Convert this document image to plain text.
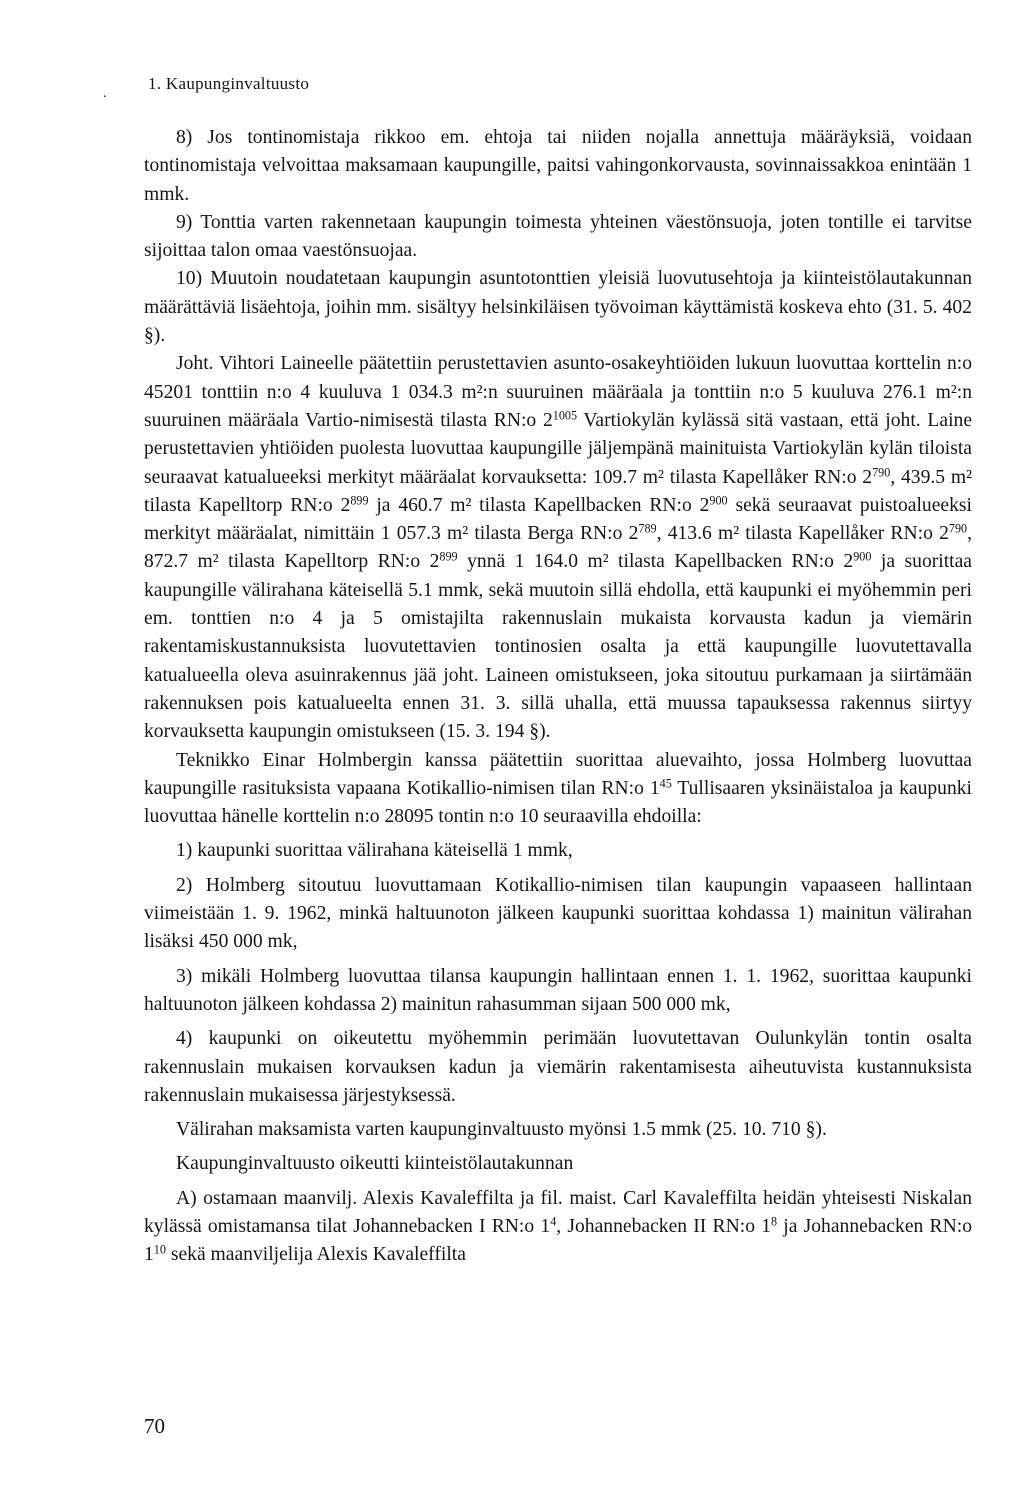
.
1. Kaupunginvaltuusto

8) Jos tontinomistaja rikkoo em. ehtoja tai niiden nojalla annettuja määräyksiä, voidaan tontinomistaja velvoittaa maksamaan kaupungille, paitsi vahingonkorvausta, sovinnaissakkoa enintään 1 mmk.

9) Tonttia varten rakennetaan kaupungin toimesta yhteinen väestönsuoja, joten tontille ei tarvitse sijoittaa talon omaa vaestönsuojaa.

10) Muutoin noudatetaan kaupungin asuntotonttien yleisiä luovutusehtoja ja kiinteistölautakunnan määrättäviä lisäehtoja, joihin mm. sisältyy helsinkiläisen työvoiman käyttämistä koskeva ehto (31. 5. 402 §).

Joht. Vihtori Laineelle päätettiin perustettavien asunto-osakeyhtiöiden lukuun luovuttaa korttelin n:o 45201 tonttiin n:o 4 kuuluva 1 034.3 m²:n suuruinen määräala ja tonttiin n:o 5 kuuluva 276.1 m²:n suuruinen määräala Vartio-nimisestä tilasta RN:o $2^{1005}$ Vartiokylän kylässä sitä vastaan, että joht. Laine perustettavien yhtiöiden puolesta luovuttaa kaupungille jäljempänä mainituista Vartiokylän kylän tiloista seuraavat katualueeksi merkityt määräalat korvauksetta: 109.7 m² tilasta Kapellåker RN:o $2^{790}$, 439.5 m² tilasta Kapelltorp RN:o $2^{899}$ ja 460.7 m² tilasta Kapellbacken RN:o $2^{900}$ sekä seuraavat puistoalueeksi merkityt määräalat, nimittäin 1 057.3 m² tilasta Berga RN:o $2^{789}$, 413.6 m² tilasta Kapellåker RN:o $2^{790}$, 872.7 m² tilasta Kapelltorp RN:o $2^{899}$ ynnä 1 164.0 m² tilasta Kapellbacken RN:o $2^{900}$ ja suorittaa kaupungille välirahana käteisellä 5.1 mmk, sekä muutoin sillä ehdolla, että kaupunki ei myöhemmin peri em. tonttien n:o 4 ja 5 omistajilta rakennuslain mukaista korvausta kadun ja viemärin rakentamiskustannuksista luovutettavien tontinosien osalta ja että kaupungille luovutettavalla katualueella oleva asuinrakennus jää joht. Laineen omistukseen, joka sitoutuu purkamaan ja siirtämään rakennuksen pois katualueelta ennen 31. 3. sillä uhalla, että muussa tapauksessa rakennus siirtyy korvauksetta kaupungin omistukseen (15. 3. 194 §).

Teknikko Einar Holmbergin kanssa päätettiin suorittaa aluevaihto, jossa Holmberg luovuttaa kaupungille rasituksista vapaana Kotikallio-nimisen tilan RN:o $1^{45}$ Tullisaaren yksinäistaloa ja kaupunki luovuttaa hänelle korttelin n:o 28095 tontin n:o 10 seuraavilla ehdoilla:

1) kaupunki suorittaa välirahana käteisellä 1 mmk,

2) Holmberg sitoutuu luovuttamaan Kotikallio-nimisen tilan kaupungin vapaaseen hallintaan viimeistään 1. 9. 1962, minkä haltuunoton jälkeen kaupunki suorittaa kohdassa 1) mainitun välirahan lisäksi 450 000 mk,

3) mikäli Holmberg luovuttaa tilansa kaupungin hallintaan ennen 1. 1. 1962, suorittaa kaupunki haltuunoton jälkeen kohdassa 2) mainitun rahasumman sijaan 500 000 mk,

4) kaupunki on oikeutettu myöhemmin perimään luovutettavan Oulunkylän tontin osalta rakennuslain mukaisen korvauksen kadun ja viemärin rakentamisesta aiheutuvista kustannuksista rakennuslain mukaisessa järjestyksessä.

Välirahan maksamista varten kaupunginvaltuusto myönsi 1.5 mmk (25. 10. 710 §).

Kaupunginvaltuusto oikeutti kiinteistölautakunnan

A) ostamaan maanvilj. Alexis Kavaleffilta ja fil. maist. Carl Kavaleffilta heidän yhteisesti Niskalan kylässä omistamansa tilat Johannebacken I RN:o $1^4$, Johannebacken II RN:o $1^8$ ja Johannebacken RN:o $1^{10}$ sekä maanviljelija Alexis Kavaleffilta

70
